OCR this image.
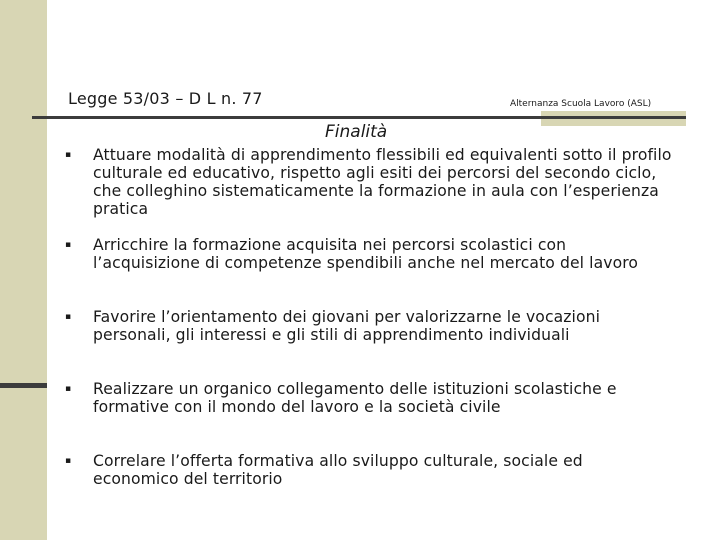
Legge 53/03 – D L n. 77	Alternanza Scuola Lavoro (ASL)
Finalità
▪ Attuare modalità di apprendimento flessibili ed equivalenti sotto il profilo culturale ed educativo, rispetto agli esiti dei percorsi del secondo ciclo, che colleghino sistematicamente la formazione in aula con l’esperienza pratica
▪ Arricchire la formazione acquisita nei percorsi scolastici con l’acquisizione di competenze spendibili anche nel mercato del lavoro
▪ Favorire l’orientamento dei giovani per valorizzarne le vocazioni personali, gli interessi e gli stili di apprendimento individuali
▪ Realizzare un organico collegamento delle istituzioni scolastiche e formative con il mondo del lavoro e la società civile
▪ Correlare l’offerta formativa allo sviluppo culturale, sociale ed economico del territorio
